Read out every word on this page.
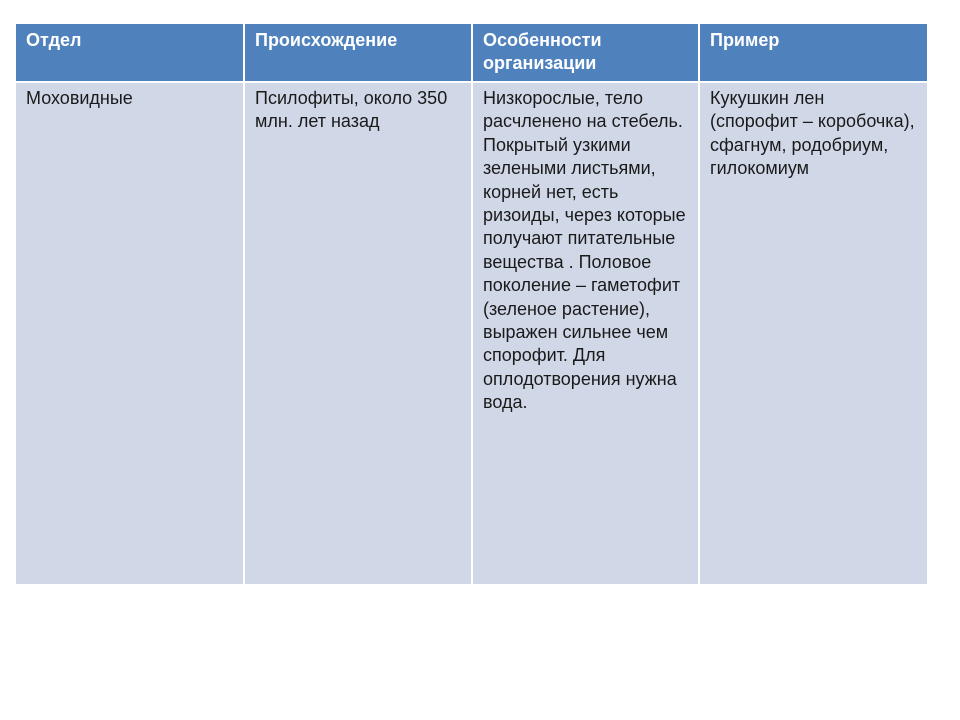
Отдел	Происхождение	Особенности организации	Пример
Моховидные	Псилофиты, около 350 млн. лет назад	Низкорослые, тело расчленено на стебель. Покрытый узкими зелеными листьями, корней нет, есть ризоиды, через которые получают питательные вещества . Половое поколение – гаметофит (зеленое растение), выражен сильнее чем спорофит. Для оплодотворения нужна вода.	Кукушкин лен (спорофит – коробочка), сфагнум, родобриум, гилокомиум
